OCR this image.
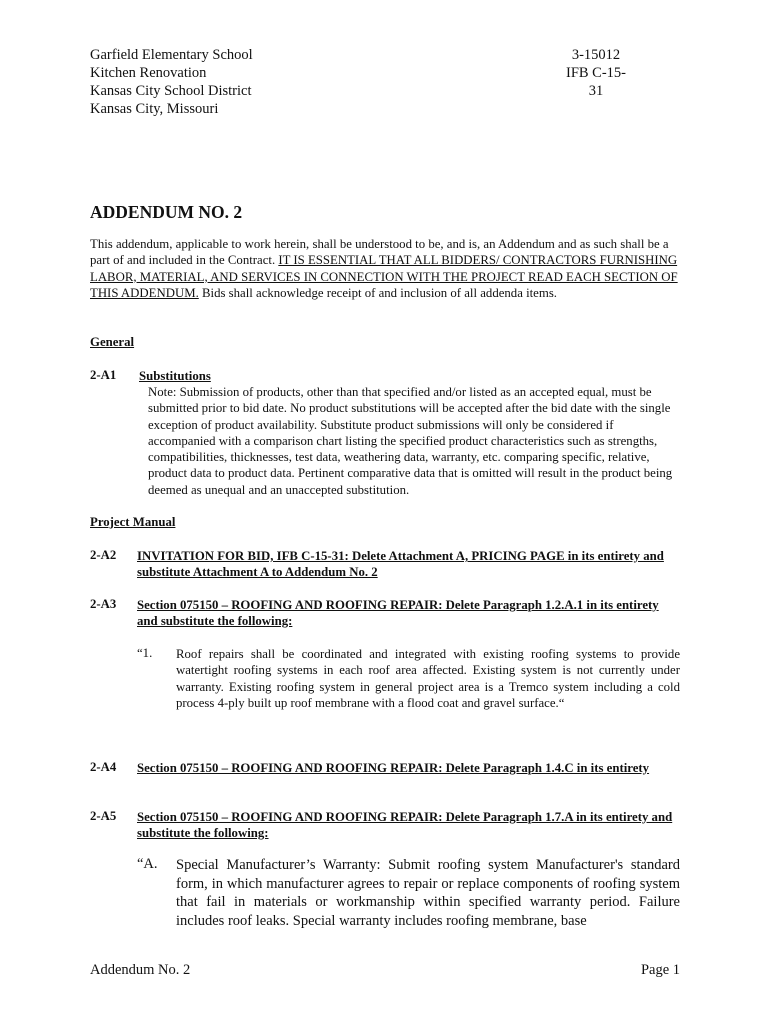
Garfield Elementary School
Kitchen Renovation
Kansas City School District
Kansas City, Missouri
3-15012
IFB C-15-31
ADDENDUM NO. 2
This addendum, applicable to work herein, shall be understood to be, and is, an Addendum and as such shall be a part of and included in the Contract. IT IS ESSENTIAL THAT ALL BIDDERS/ CONTRACTORS FURNISHING LABOR, MATERIAL, AND SERVICES IN CONNECTION WITH THE PROJECT READ EACH SECTION OF THIS ADDENDUM. Bids shall acknowledge receipt of and inclusion of all addenda items.
General
2-A1 Substitutions
Note: Submission of products, other than that specified and/or listed as an accepted equal, must be submitted prior to bid date. No product substitutions will be accepted after the bid date with the single exception of product availability. Substitute product submissions will only be considered if accompanied with a comparison chart listing the specified product characteristics such as strengths, compatibilities, thicknesses, test data, weathering data, warranty, etc. comparing specific, relative, product data to product data. Pertinent comparative data that is omitted will result in the product being deemed as unequal and an unaccepted substitution.
Project Manual
2-A2 INVITATION FOR BID, IFB C-15-31: Delete Attachment A, PRICING PAGE in its entirety and substitute Attachment A to Addendum No. 2
2-A3 Section 075150 – ROOFING AND ROOFING REPAIR: Delete Paragraph 1.2.A.1 in its entirety and substitute the following:
“1. Roof repairs shall be coordinated and integrated with existing roofing systems to provide watertight roofing systems in each roof area affected. Existing system is not currently under warranty. Existing roofing system in general project area is a Tremco system including a cold process 4-ply built up roof membrane with a flood coat and gravel surface.“
2-A4 Section 075150 – ROOFING AND ROOFING REPAIR: Delete Paragraph 1.4.C in its entirety
2-A5 Section 075150 – ROOFING AND ROOFING REPAIR: Delete Paragraph 1.7.A in its entirety and substitute the following:
“A. Special Manufacturer’s Warranty: Submit roofing system Manufacturer's standard form, in which manufacturer agrees to repair or replace components of roofing system that fail in materials or workmanship within specified warranty period. Failure includes roof leaks. Special warranty includes roofing membrane, base
Addendum No. 2	Page 1
